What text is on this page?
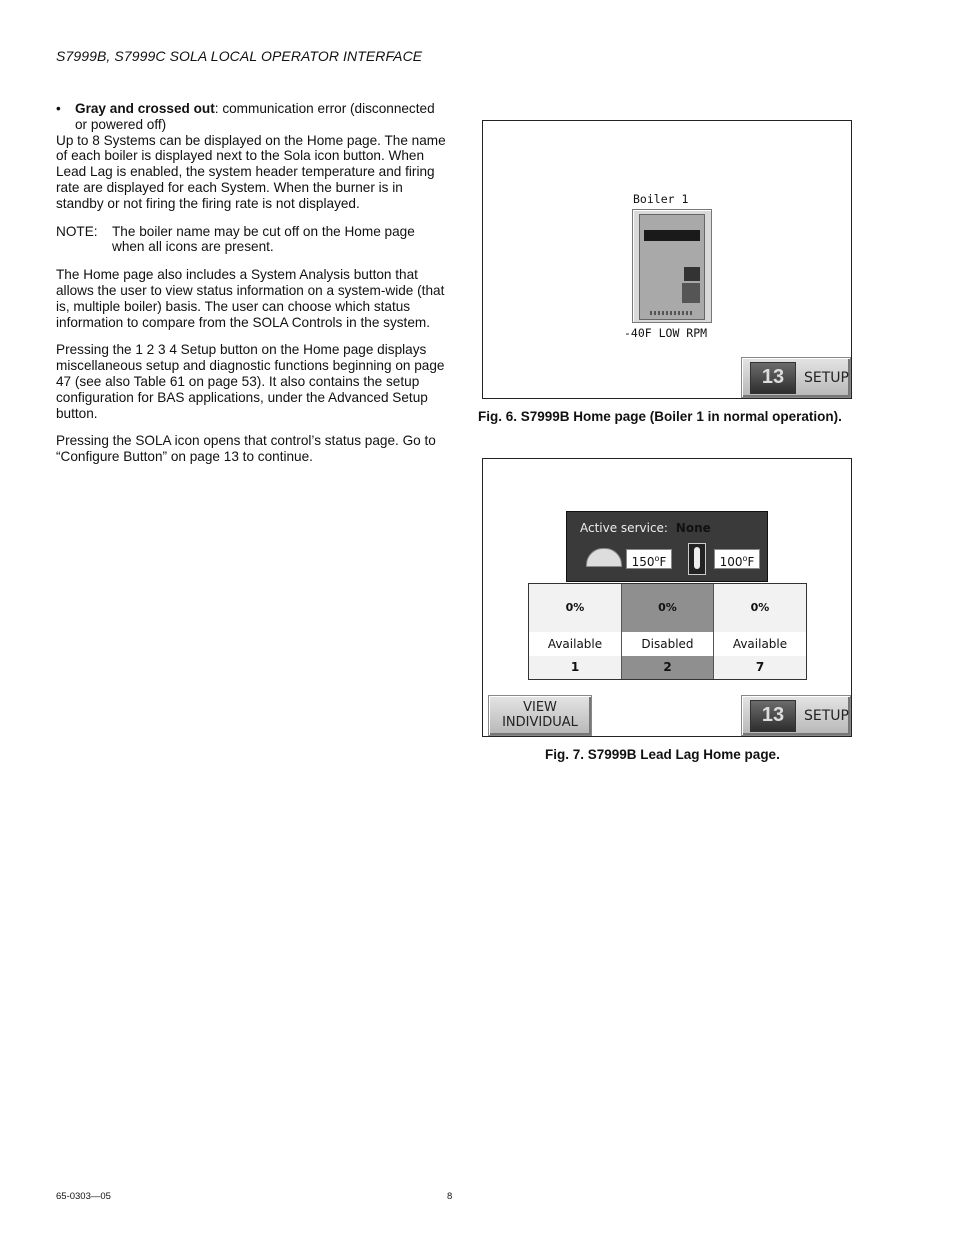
S7999B, S7999C SOLA LOCAL OPERATOR INTERFACE
•	Gray and crossed out: communication error (disconnected or powered off)

Up to 8 Systems can be displayed on the Home page. The name of each boiler is displayed next to the Sola icon button. When Lead Lag is enabled, the system header temperature and firing rate are displayed for each System. When the burner is in standby or not firing the firing rate is not displayed.

NOTE:	The boiler name may be cut off on the Home page when all icons are present.

The Home page also includes a System Analysis button that allows the user to view status information on a system-wide (that is, multiple boiler) basis. The user can choose which status information to compare from the SOLA Controls in the system.

Pressing the 1 2 3 4 Setup button on the Home page displays miscellaneous setup and diagnostic functions beginning on page 47 (see also Table 61 on page 53). It also contains the setup configuration for BAS applications, under the Advanced Setup button.

Pressing the SOLA icon opens that control’s status page. Go to “Configure Button” on page 13 to continue.

Boiler 1
-40F LOW RPM
13	SETUP
Fig. 6. S7999B Home page (Boiler 1 in normal operation).
Active service: None
150$^o$F	100$^o$F
0%
Available
1
0%
Disabled
2
0%
Available
7
VIEW
INDIVIDUAL	13	SETUP
Fig. 7. S7999B Lead Lag Home page.
65-0303—05	8
